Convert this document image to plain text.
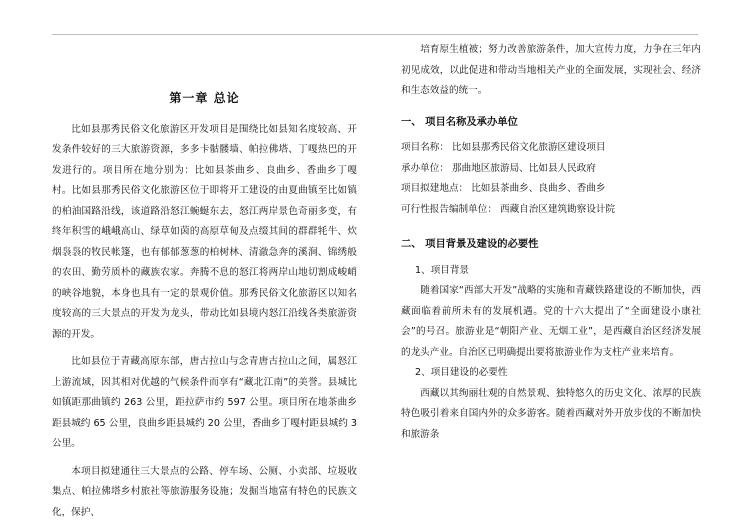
第一章 总论

比如县那秀民俗文化旅游区开发项目是围绕比如县知名度较高、开发条件较好的三大旅游资源，多多卡骷髅墙、帕拉佛塔、丁嘎热巴的开发进行的。项目所在地分别为：比如县茶曲乡、良曲乡、香曲乡丁嘎村。比如县那秀民俗文化旅游区位于即将开工建设的由夏曲镇至比如镇的柏油国路沿线，该道路沿怒江蜿蜒东去，怒江两岸景色奇丽多变，有终年积雪的峨峨高山、绿草如茵的高原草甸及点缀其间的群群牦牛、炊烟袅袅的牧民帐篷，也有郁郁葱葱的柏树林、清澈急奔的溪涧、锦绣般的农田、勤劳质朴的藏族农家。奔腾不息的怒江将两岸山地切割成峻峭的峡谷地貌，本身也具有一定的景观价值。那秀民俗文化旅游区以知名度较高的三大景点的开发为龙头，带动比如县境内怒江沿线各类旅游资源的开发。

比如县位于青藏高原东部，唐古拉山与念青唐古拉山之间，属怒江上游流域，因其相对优越的气候条件而享有“藏北江南”的美誉。县城比如镇距那曲镇约 263 公里，距拉萨市约 597 公里。项目所在地茶曲乡距县城约 65 公里，良曲乡距县城约 20 公里，香曲乡丁嘎村距县城约 3 公里。

本项目拟建通往三大景点的公路、停车场、公厕、小卖部、垃圾收集点、帕拉佛塔乡村旅社等旅游服务设施；发掘当地富有特色的民族文化，保护、

培育原生植被；努力改善旅游条件，加大宣传力度，力争在三年内初见成效，以此促进和带动当地相关产业的全面发展，实现社会、经济和生态效益的统一。

一、 项目名称及承办单位

项目名称： 比如县那秀民俗文化旅游区建设项目

承办单位： 那曲地区旅游局、比如县人民政府

项目拟建地点： 比如县茶曲乡、良曲乡、香曲乡

可行性报告编制单位： 西藏自治区建筑勘察设计院

二、 项目背景及建设的必要性

1、项目背景

随着国家“西部大开发”战略的实施和青藏铁路建设的不断加快，西藏面临着前所未有的发展机遇。党的十六大提出了“全面建设小康社会”的号召。旅游业是“朝阳产业、无烟工业”，是西藏自治区经济发展的龙头产业。自治区已明确提出要将旅游业作为支柱产业来培育。

2、项目建设的必要性

西藏以其绚丽壮观的自然景观、独特悠久的历史文化、浓厚的民族特色吸引着来自国内外的众多游客。随着西藏对外开放步伐的不断加快和旅游条
